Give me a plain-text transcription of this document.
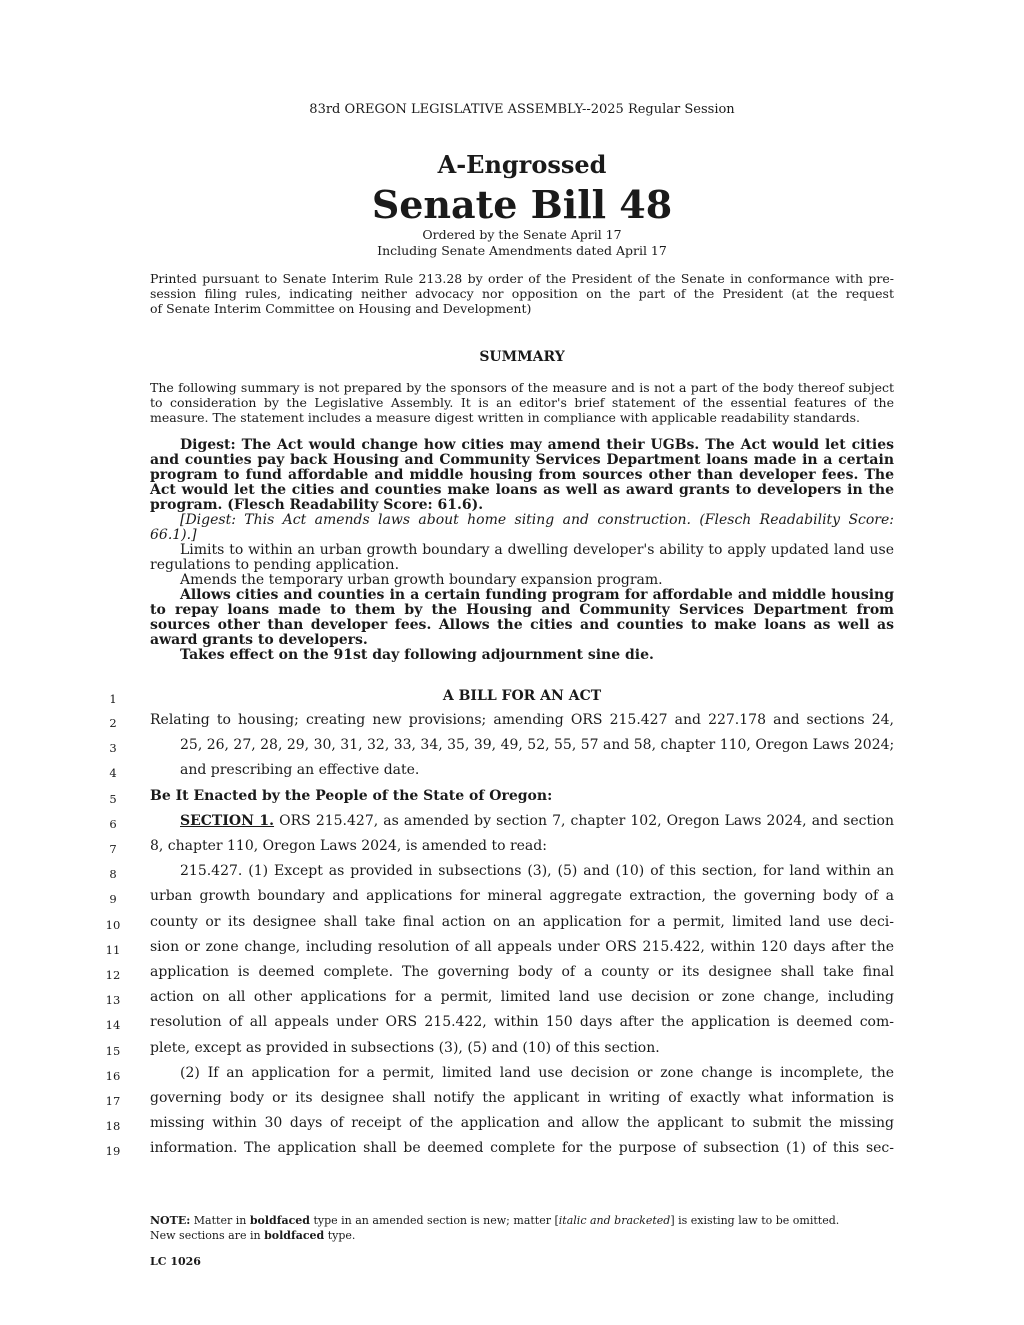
83rd OREGON LEGISLATIVE ASSEMBLY--2025 Regular Session
A-Engrossed
Senate Bill 48
Ordered by the Senate April 17
Including Senate Amendments dated April 17
Printed pursuant to Senate Interim Rule 213.28 by order of the President of the Senate in conformance with pre-
session filing rules, indicating neither advocacy nor opposition on the part of the President (at the request
of Senate Interim Committee on Housing and Development)
SUMMARY
The following summary is not prepared by the sponsors of the measure and is not a part of the body thereof subject
to consideration by the Legislative Assembly. It is an editor's brief statement of the essential features of the
measure. The statement includes a measure digest written in compliance with applicable readability standards.

Digest: The Act would change how cities may amend their UGBs. The Act would let cities and counties pay back Housing and Community Services Department loans made in a certain program to fund affordable and middle housing from sources other than developer fees. The Act would let the cities and counties make loans as well as award grants to developers in the program. (Flesch Readability Score: 61.6).

[Digest: This Act amends laws about home siting and construction. (Flesch Readability Score: 66.1).]

Limits to within an urban growth boundary a dwelling developer's ability to apply updated land use regulations to pending application.

Amends the temporary urban growth boundary expansion program.

Allows cities and counties in a certain funding program for affordable and middle housing to repay loans made to them by the Housing and Community Services Department from sources other than developer fees. Allows the cities and counties to make loans as well as award grants to developers.

Takes effect on the 91st day following adjournment sine die.

1	A BILL FOR AN ACT
2	Relating to housing; creating new provisions; amending ORS 215.427 and 227.178 and sections 24,
3	25, 26, 27, 28, 29, 30, 31, 32, 33, 34, 35, 39, 49, 52, 55, 57 and 58, chapter 110, Oregon Laws 2024;
4	and prescribing an effective date.
5	Be It Enacted by the People of the State of Oregon:
6	SECTION 1. ORS 215.427, as amended by section 7, chapter 102, Oregon Laws 2024, and section
7	8, chapter 110, Oregon Laws 2024, is amended to read:
8	215.427. (1) Except as provided in subsections (3), (5) and (10) of this section, for land within an
9	urban growth boundary and applications for mineral aggregate extraction, the governing body of a
10	county or its designee shall take final action on an application for a permit, limited land use deci-
11	sion or zone change, including resolution of all appeals under ORS 215.422, within 120 days after the
12	application is deemed complete. The governing body of a county or its designee shall take final
13	action on all other applications for a permit, limited land use decision or zone change, including
14	resolution of all appeals under ORS 215.422, within 150 days after the application is deemed com-
15	plete, except as provided in subsections (3), (5) and (10) of this section.
16	(2) If an application for a permit, limited land use decision or zone change is incomplete, the
17	governing body or its designee shall notify the applicant in writing of exactly what information is
18	missing within 30 days of receipt of the application and allow the applicant to submit the missing
19	information. The application shall be deemed complete for the purpose of subsection (1) of this sec-
NOTE: Matter in boldfaced type in an amended section is new; matter [italic and bracketed] is existing law to be omitted.
New sections are in boldfaced type.
LC 1026
